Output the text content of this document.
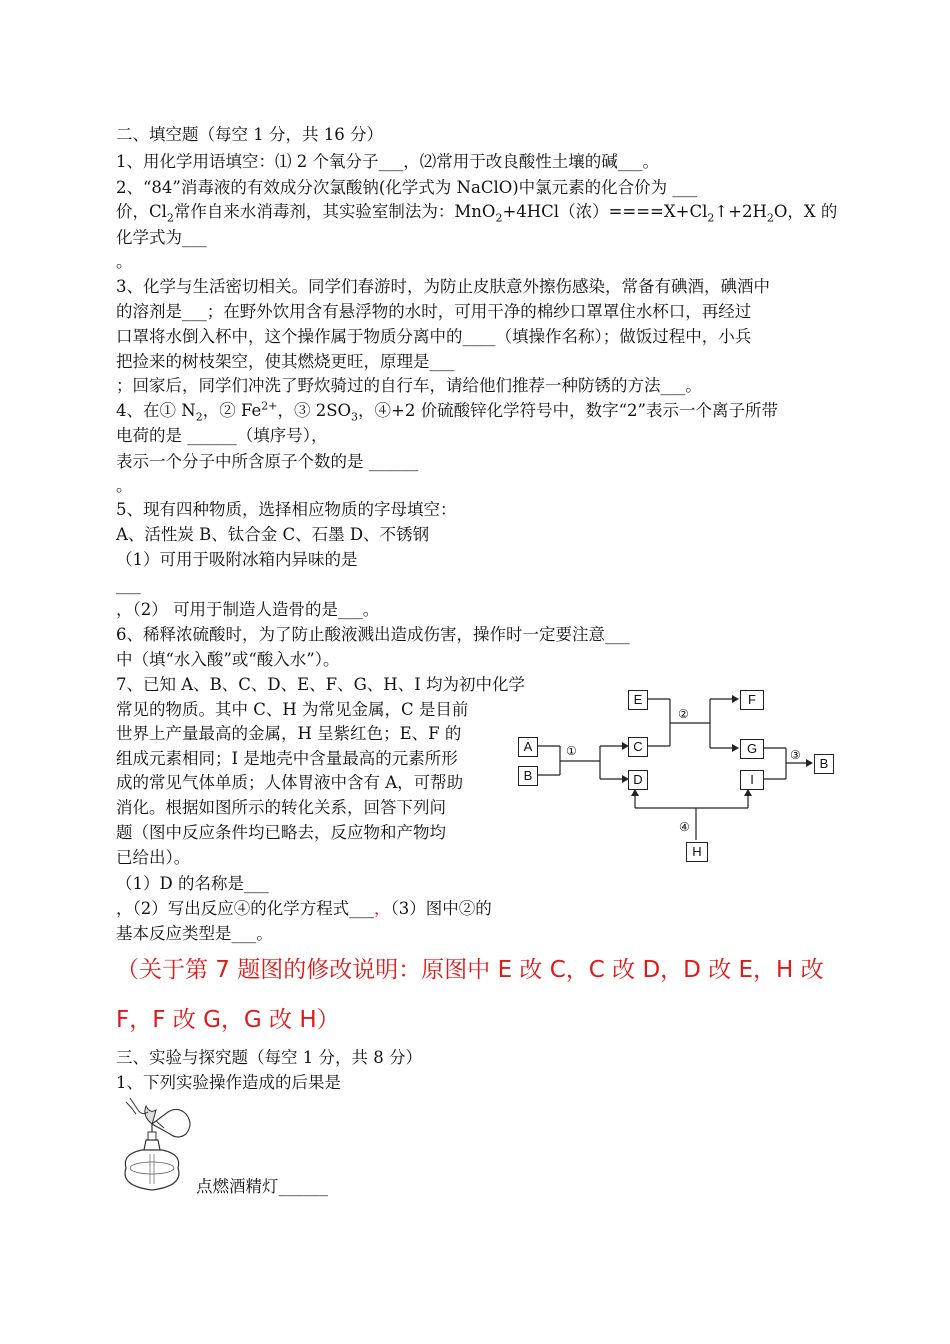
二、填空题（每空 1 分，共 16 分）
1、用化学用语填空：⑴ 2 个氧分子___，⑵常用于改良酸性土壤的碱___。
2、“84”消毒液的有效成分次氯酸钠(化学式为 NaClO)中氯元素的化合价为 ___
价，$Cl_2$常作自来水消毒剂，其实验室制法为：MnO$_2$+4HCl（浓）$====X+Cl_2↑+2H_2O$，X 的
化学式为___
。
3、化学与生活密切相关。同学们春游时，为防止皮肤意外擦伤感染，常备有碘酒，碘酒中
的溶剂是___；在野外饮用含有悬浮物的水时，可用干净的棉纱口罩罩住水杯口，再经过
口罩将水倒入杯中，这个操作属于物质分离中的____（填操作名称）；做饭过程中，小兵
把捡来的树枝架空，使其燃烧更旺，原理是___
；回家后，同学们冲洗了野炊骑过的自行车，请给他们推荐一种防锈的方法___。
4、在① $N_2$，② $Fe^{2+}$，③ $2SO_3$，④+2 价硫酸锌化学符号中，数字“2”表示一个离子所带
电荷的是 ______（填序号），
表示一个分子中所含原子个数的是 ______
。
5、现有四种物质，选择相应物质的字母填空：
A、活性炭 B、钛合金 C、石墨 D、不锈钢
（1）可用于吸附冰箱内异味的是
___
，（2） 可用于制造人造骨的是___。
6、稀释浓硫酸时，为了防止酸液溅出造成伤害，操作时一定要注意___
中（填“水入酸”或“酸入水”）。
7、已知 A、B、C、D、E、F、G、H、I 均为初中化学
常见的物质。其中 C、H 为常见金属，C 是目前
世界上产量最高的金属，H 呈紫红色；E、F 的
组成元素相同；I 是地壳中含量最高的元素所形
成的常见气体单质；人体胃液中含有 A，可帮助
消化。根据如图所示的转化关系，回答下列问
题（图中反应条件均已略去，反应物和产物均
已给出）。
（1）D 的名称是___
，（2）写出反应④的化学方程式___，（3）图中②的
基本反应类型是___。
（关于第 7 题图的修改说明：原图中 E 改 C，C 改 D，D 改 E，H 改
F，F 改 G，G 改 H）
三、实验与探究题（每空 1 分，共 8 分）
1、下列实验操作造成的后果是
点燃酒精灯______
A
B
E
C
D
F
G
I
B
H
①
②
③
④
